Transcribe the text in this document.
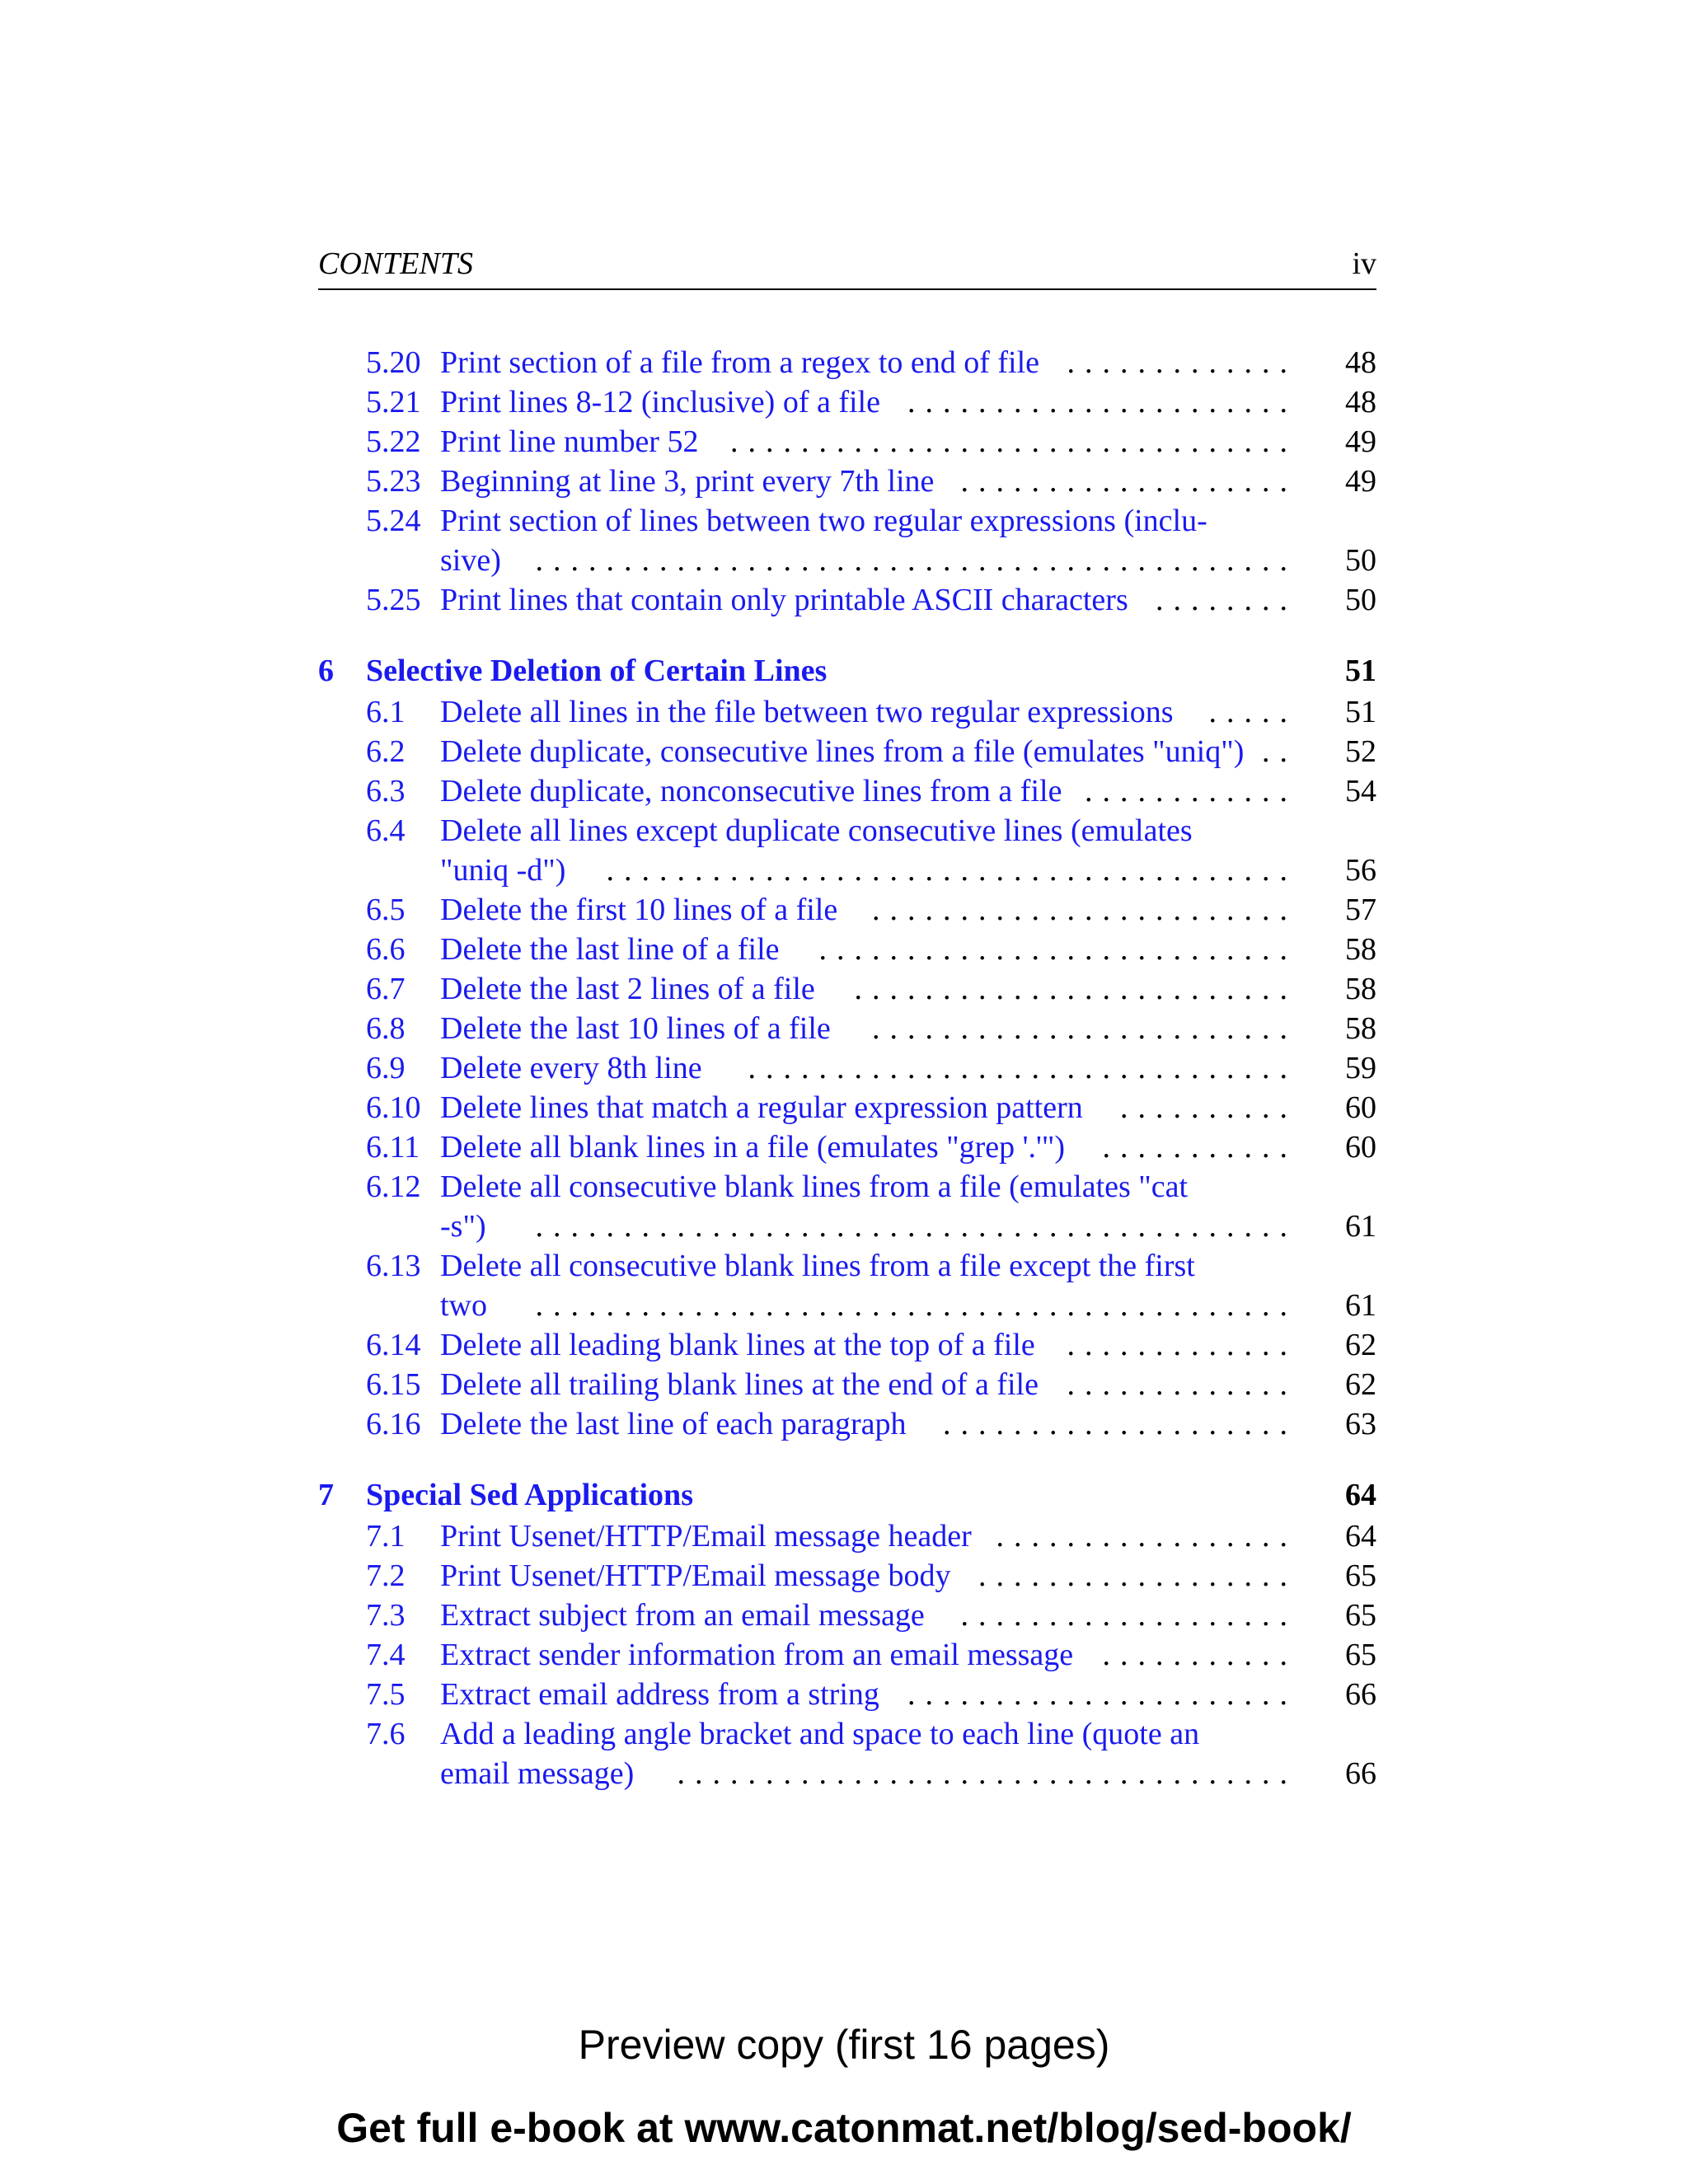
CONTENTS	iv
5.20 Print section of a file from a regex to end of file ............. 48
5.21 Print lines 8-12 (inclusive) of a file ...................... 48
5.22 Print line number 52 ................................ 49
5.23 Beginning at line 3, print every 7th line ................... 49
5.24 Print section of lines between two regular expressions (inclu-
sive) ........................................... 50
5.25 Print lines that contain only printable ASCII characters ........ 50
6 Selective Deletion of Certain Lines	51
6.1 Delete all lines in the file between two regular expressions ..... 51
6.2 Delete duplicate, consecutive lines from a file (emulates "uniq") .. 52
6.3 Delete duplicate, nonconsecutive lines from a file ............ 54
6.4 Delete all lines except duplicate consecutive lines (emulates
"uniq -d") ....................................... 56
6.5 Delete the first 10 lines of a file ........................ 57
6.6 Delete the last line of a file ........................... 58
6.7 Delete the last 2 lines of a file ......................... 58
6.8 Delete the last 10 lines of a file ........................ 58
6.9 Delete every 8th line ............................... 59
6.10 Delete lines that match a regular expression pattern .......... 60
6.11 Delete all blank lines in a file (emulates "grep '.'") ........... 60
6.12 Delete all consecutive blank lines from a file (emulates "cat
-s") ........................................... 61
6.13 Delete all consecutive blank lines from a file except the first
two ........................................... 61
6.14 Delete all leading blank lines at the top of a file ............. 62
6.15 Delete all trailing blank lines at the end of a file ............. 62
6.16 Delete the last line of each paragraph .................... 63
7 Special Sed Applications	64
7.1 Print Usenet/HTTP/Email message header ................. 64
7.2 Print Usenet/HTTP/Email message body .................. 65
7.3 Extract subject from an email message ................... 65
7.4 Extract sender information from an email message ........... 65
7.5 Extract email address from a string ...................... 66
7.6 Add a leading angle bracket and space to each line (quote an
email message) ................................... 66
Preview copy (first 16 pages)
Get full e-book at www.catonmat.net/blog/sed-book/
